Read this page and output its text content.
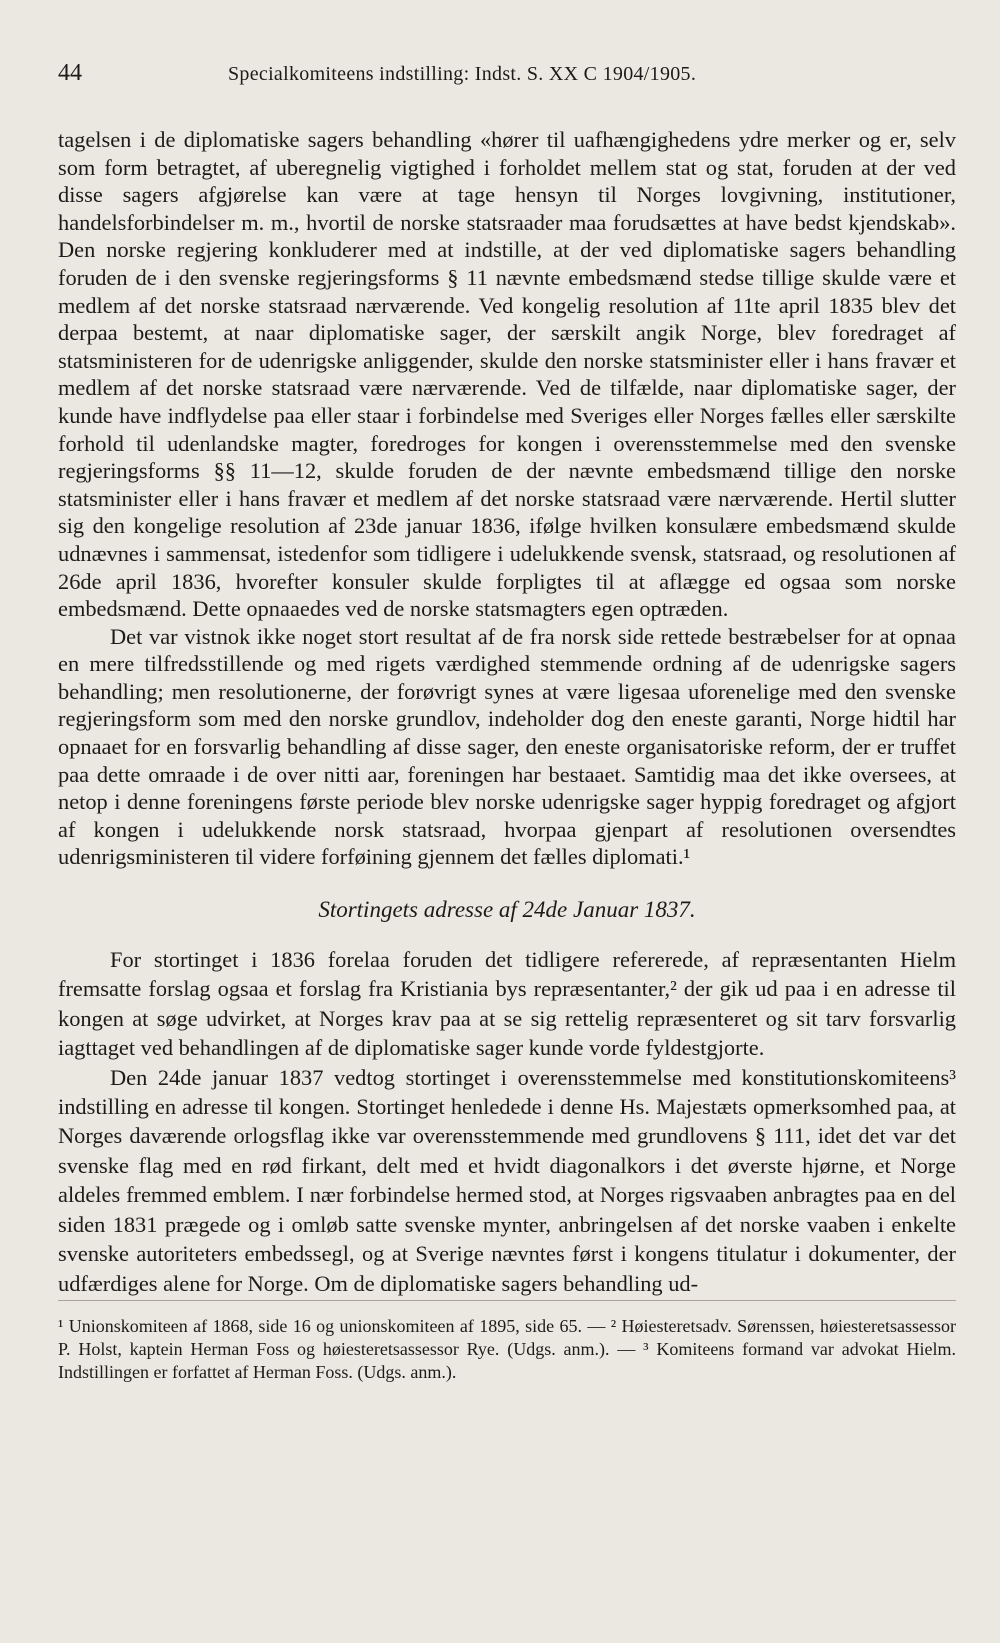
44	Specialkomiteens indstilling: Indst. S. XX C 1904/1905.

tagelsen i de diplomatiske sagers behandling «hører til uafhængighedens ydre merker og er, selv som form betragtet, af uberegnelig vigtighed i forholdet mellem stat og stat, foruden at der ved disse sagers afgjørelse kan være at tage hensyn til Norges lovgivning, institutioner, handelsforbindelser m. m., hvortil de norske statsraader maa forudsættes at have bedst kjendskab». Den norske regjering konkluderer med at indstille, at der ved diplomatiske sagers behandling foruden de i den svenske regjeringsforms § 11 nævnte embedsmænd stedse tillige skulde være et medlem af det norske statsraad nærværende. Ved kongelig resolution af 11te april 1835 blev det derpaa bestemt, at naar diplomatiske sager, der særskilt angik Norge, blev foredraget af statsministeren for de udenrigske anliggender, skulde den norske statsminister eller i hans fravær et medlem af det norske statsraad være nærværende. Ved de tilfælde, naar diplomatiske sager, der kunde have indflydelse paa eller staar i forbindelse med Sveriges eller Norges fælles eller særskilte forhold til udenlandske magter, foredroges for kongen i overensstemmelse med den svenske regjeringsforms §§ 11—12, skulde foruden de der nævnte embedsmænd tillige den norske statsminister eller i hans fravær et medlem af det norske statsraad være nærværende. Hertil slutter sig den kongelige resolution af 23de januar 1836, ifølge hvilken konsulære embedsmænd skulde udnævnes i sammensat, istedenfor som tidligere i udelukkende svensk, statsraad, og resolutionen af 26de april 1836, hvorefter konsuler skulde forpligtes til at aflægge ed ogsaa som norske embedsmænd. Dette opnaaedes ved de norske statsmagters egen optræden.

Det var vistnok ikke noget stort resultat af de fra norsk side rettede bestræbelser for at opnaa en mere tilfredsstillende og med rigets værdighed stemmende ordning af de udenrigske sagers behandling; men resolutionerne, der forøvrigt synes at være ligesaa uforenelige med den svenske regjeringsform som med den norske grundlov, indeholder dog den eneste garanti, Norge hidtil har opnaaet for en forsvarlig behandling af disse sager, den eneste organisatoriske reform, der er truffet paa dette omraade i de over nitti aar, foreningen har bestaaet. Samtidig maa det ikke oversees, at netop i denne foreningens første periode blev norske udenrigske sager hyppig foredraget og afgjort af kongen i udelukkende norsk statsraad, hvorpaa gjenpart af resolutionen oversendtes udenrigsministeren til videre forføining gjennem det fælles diplomati.¹

Stortingets adresse af 24de Januar 1837.

For stortinget i 1836 forelaa foruden det tidligere refererede, af repræsentanten Hielm fremsatte forslag ogsaa et forslag fra Kristiania bys repræsentanter,² der gik ud paa i en adresse til kongen at søge udvirket, at Norges krav paa at se sig rettelig repræsenteret og sit tarv forsvarlig iagttaget ved behandlingen af de diplomatiske sager kunde vorde fyldestgjorte.

Den 24de januar 1837 vedtog stortinget i overensstemmelse med konstitutionskomiteens³ indstilling en adresse til kongen. Stortinget henledede i denne Hs. Majestæts opmerksomhed paa, at Norges daværende orlogsflag ikke var overensstemmende med grundlovens § 111, idet det var det svenske flag med en rød firkant, delt med et hvidt diagonalkors i det øverste hjørne, et Norge aldeles fremmed emblem. I nær forbindelse hermed stod, at Norges rigsvaaben anbragtes paa en del siden 1831 prægede og i omløb satte svenske mynter, anbringelsen af det norske vaaben i enkelte svenske autoriteters embedssegl, og at Sverige nævntes først i kongens titulatur i dokumenter, der udfærdiges alene for Norge. Om de diplomatiske sagers behandling ud-

¹ Unionskomiteen af 1868, side 16 og unionskomiteen af 1895, side 65. — ² Høiesteretsadv. Sørenssen, høiesteretsassessor P. Holst, kaptein Herman Foss og høiesteretsassessor Rye. (Udgs. anm.). — ³ Komiteens formand var advokat Hielm. Indstillingen er forfattet af Herman Foss. (Udgs. anm.).
